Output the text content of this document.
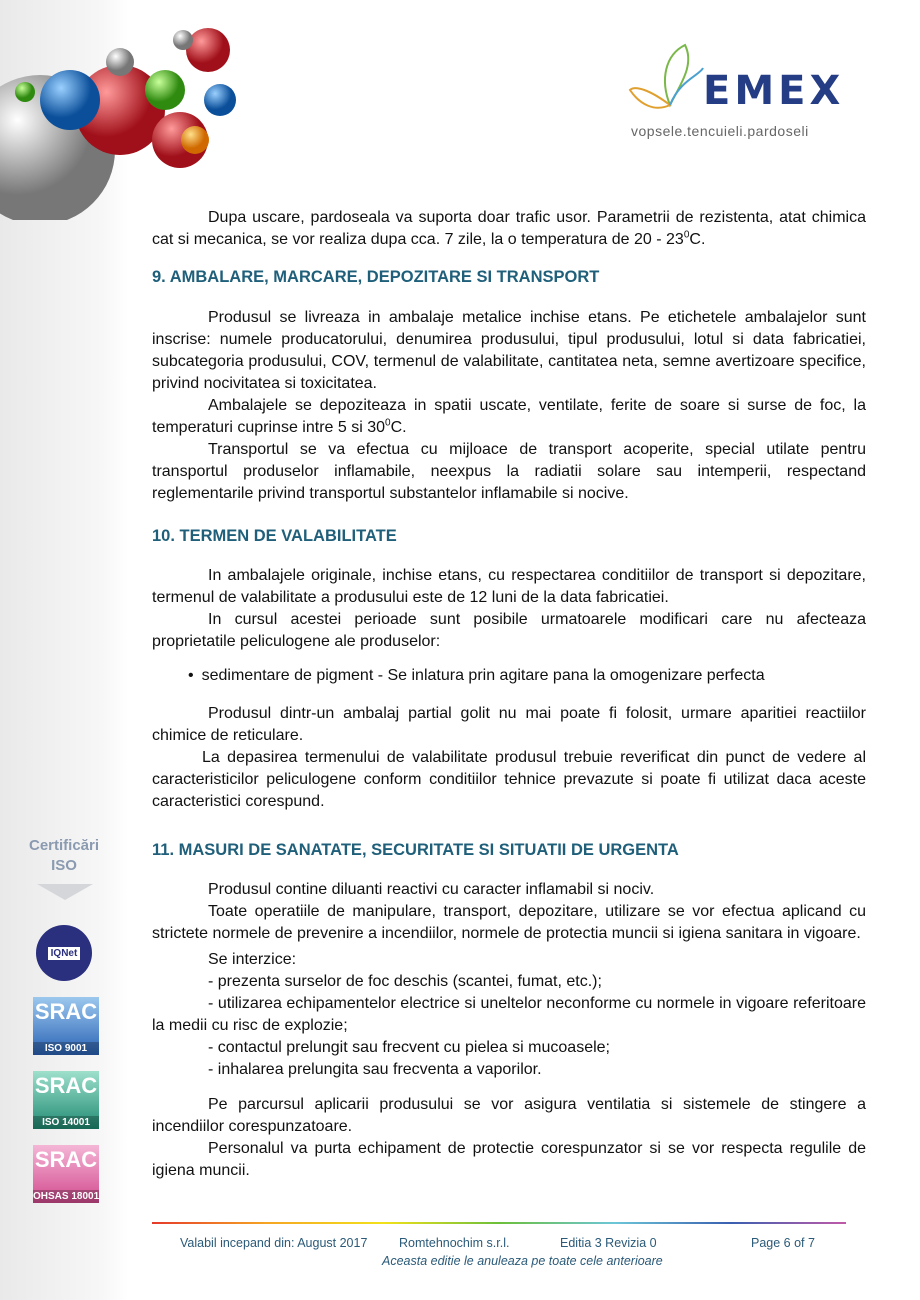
Certificări
ISO
IQNet
SRAC
ISO 9001
SRAC
ISO 14001
SRAC
OHSAS 18001
EMEX
vopsele.tencuieli.pardoseli

Dupa uscare, pardoseala va suporta doar trafic usor. Parametrii de rezistenta, atat chimica cat si mecanica, se vor realiza dupa cca. 7 zile, la o temperatura de $20 - 23^0C$.

9. AMBALARE, MARCARE, DEPOZITARE SI TRANSPORT

Produsul se livreaza in ambalaje metalice inchise etans. Pe etichetele ambalajelor sunt inscrise: numele producatorului, denumirea produsului, tipul produsului, lotul si data fabricatiei, subcategoria produsului, COV, termenul de valabilitate, cantitatea neta, semne avertizoare specifice, privind nocivitatea si toxicitatea.

Ambalajele se depoziteaza in spatii uscate, ventilate, ferite de soare si surse de foc, la temperaturi cuprinse intre 5 si $30^0C$.

Transportul se va efectua cu mijloace de transport acoperite, special utilate pentru transportul produselor inflamabile, neexpus la radiatii solare sau intemperii, respectand reglementarile privind transportul substantelor inflamabile si nocive.

10. TERMEN DE VALABILITATE

In ambalajele originale, inchise etans, cu respectarea conditiilor de transport si depozitare, termenul de valabilitate a produsului este de 12 luni de la data fabricatiei.

In cursul acestei perioade sunt posibile urmatoarele modificari care nu afecteaza proprietatile peliculogene ale produselor:

• sedimentare de pigment - Se inlatura prin agitare pana la omogenizare perfecta

Produsul dintr-un ambalaj partial golit nu mai poate fi folosit, urmare aparitiei reactiilor chimice de reticulare.

La depasirea termenului de valabilitate produsul trebuie reverificat din punct de vedere al caracteristicilor peliculogene conform conditiilor tehnice prevazute si poate fi utilizat daca aceste caracteristici corespund.

11. MASURI DE SANATATE, SECURITATE SI SITUATII DE URGENTA

Produsul contine diluanti reactivi cu caracter inflamabil si nociv.

Toate operatiile de manipulare, transport, depozitare, utilizare se vor efectua aplicand cu strictete normele de prevenire a incendiilor, normele de protectia muncii si igiena sanitara in vigoare.

Se interzice:

- prezenta surselor de foc deschis (scantei, fumat, etc.);

- utilizarea echipamentelor electrice si uneltelor neconforme cu normele in vigoare referitoare la medii cu risc de explozie;

- contactul prelungit sau frecvent cu pielea si mucoasele;

- inhalarea prelungita sau frecventa a vaporilor.

Pe parcursul aplicarii produsului se vor asigura ventilatia si sistemele de stingere a incendiilor corespunzatoare.

Personalul va purta echipament de protectie corespunzator si se vor respecta regulile de igiena muncii.

Valabil incepand din: August 2017	Romtehnochim s.r.l.	Editia 3 Revizia 0	Page 6 of 7
Aceasta editie le anuleaza pe toate cele anterioare
